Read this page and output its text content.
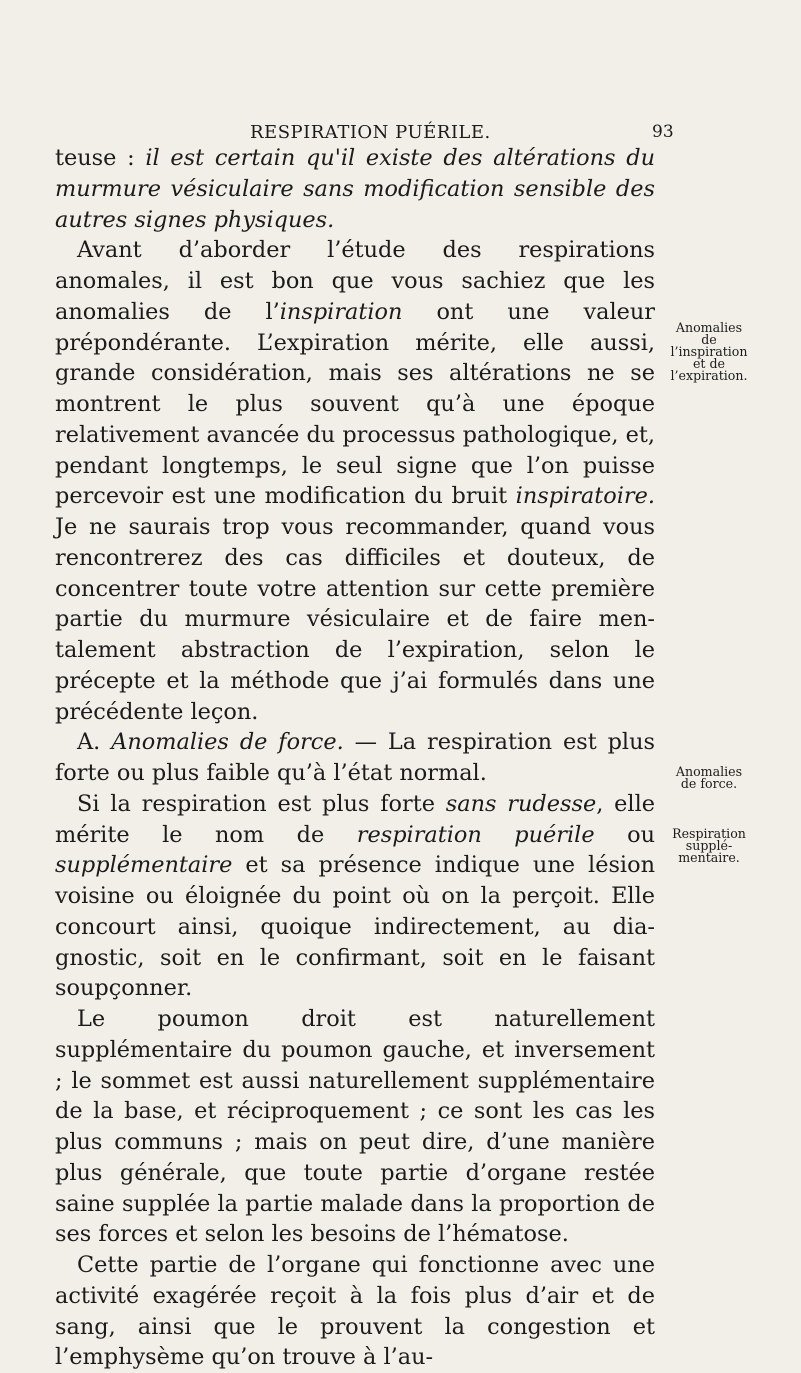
RESPIRATION PUÉRILE.	93

teuse : il est certain qu'il existe des altérations du murmure vésiculaire sans modification sensible des autres signes physiques.

Avant d’aborder l’étude des respirations anomales, il est bon que vous sachiez que les anomalies de l’inspiration ont une valeur prépondérante. L’expiration mérite, elle aussi, grande considération, mais ses altérations ne se montrent le plus souvent qu’à une époque relativement avancée du processus pathologique, et, pendant longtemps, le seul signe que l’on puisse percevoir est une modification du bruit inspiratoire. Je ne saurais trop vous recommander, quand vous rencontrerez des cas difficiles et douteux, de concentrer toute votre attention sur cette première partie du murmure vésiculaire et de faire mentalement abstraction de l’expiration, selon le précepte et la méthode que j’ai formulés dans une précédente leçon.

A. Anomalies de force. — La respiration est plus forte ou plus faible qu’à l’état normal.

Si la respiration est plus forte sans rudesse, elle mérite le nom de respiration puérile ou supplémentaire et sa présence indique une lésion voisine ou éloignée du point où on la perçoit. Elle concourt ainsi, quoique indirectement, au diagnostic, soit en le confirmant, soit en le faisant soupçonner.

Le poumon droit est naturellement supplémentaire du poumon gauche, et inversement ; le sommet est aussi naturellement supplémentaire de la base, et réciproquement ; ce sont les cas les plus communs ; mais on peut dire, d’une manière plus générale, que toute partie d’organe restée saine supplée la partie malade dans la proportion de ses forces et selon les besoins de l’hématose.

Cette partie de l’organe qui fonctionne avec une activité exagérée reçoit à la fois plus d’air et de sang, ainsi que le prouvent la congestion et l’emphysème qu’on trouve à l’au-

Anomalies
de
l’inspiration
et de
l’expiration.
Anomalies
de force.
Respiration
supplé-
mentaire.
